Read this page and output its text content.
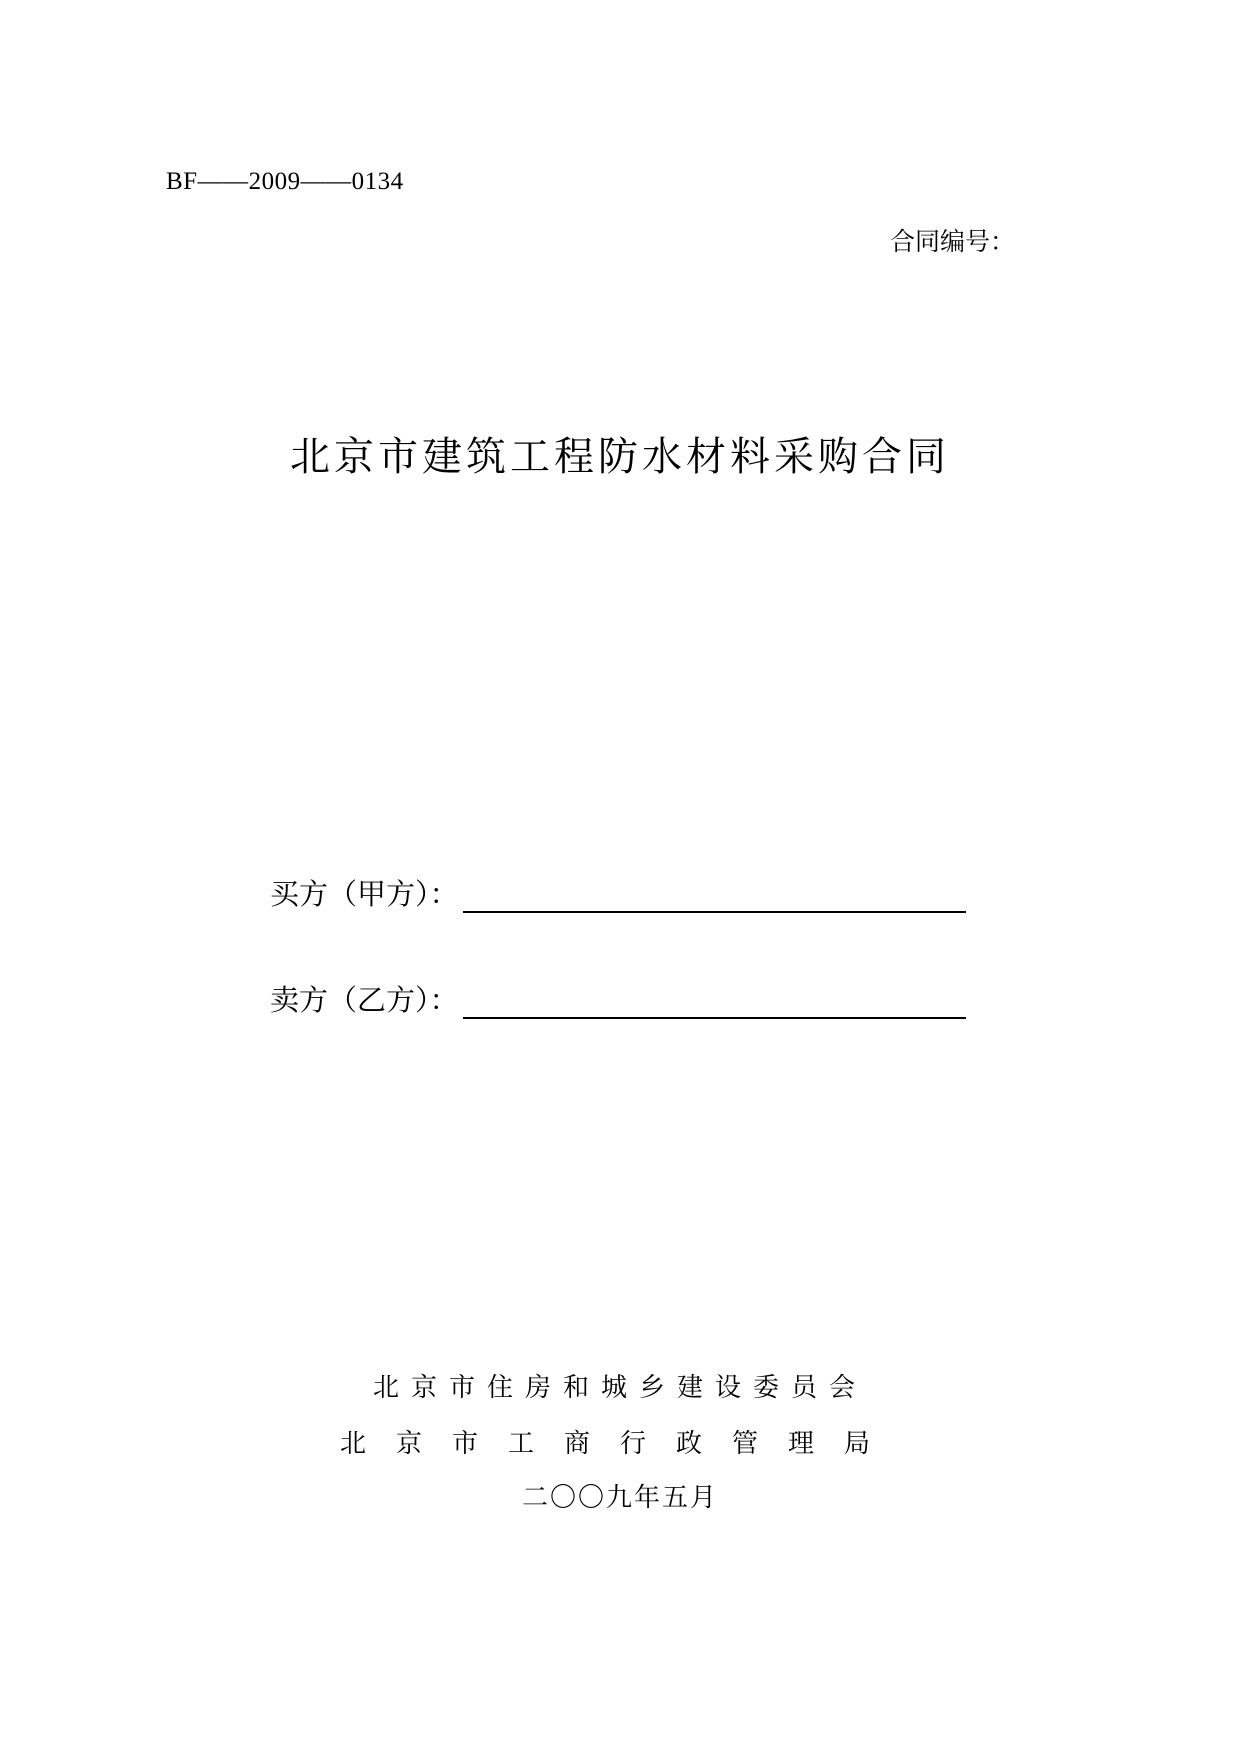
BF——2009——0134
合同编号：
北京市建筑工程防水材料采购合同
买方（甲方）：
卖方（乙方）：
北京市住房和城乡建设委员会
北京市工商行政管理局
二〇〇九年五月
